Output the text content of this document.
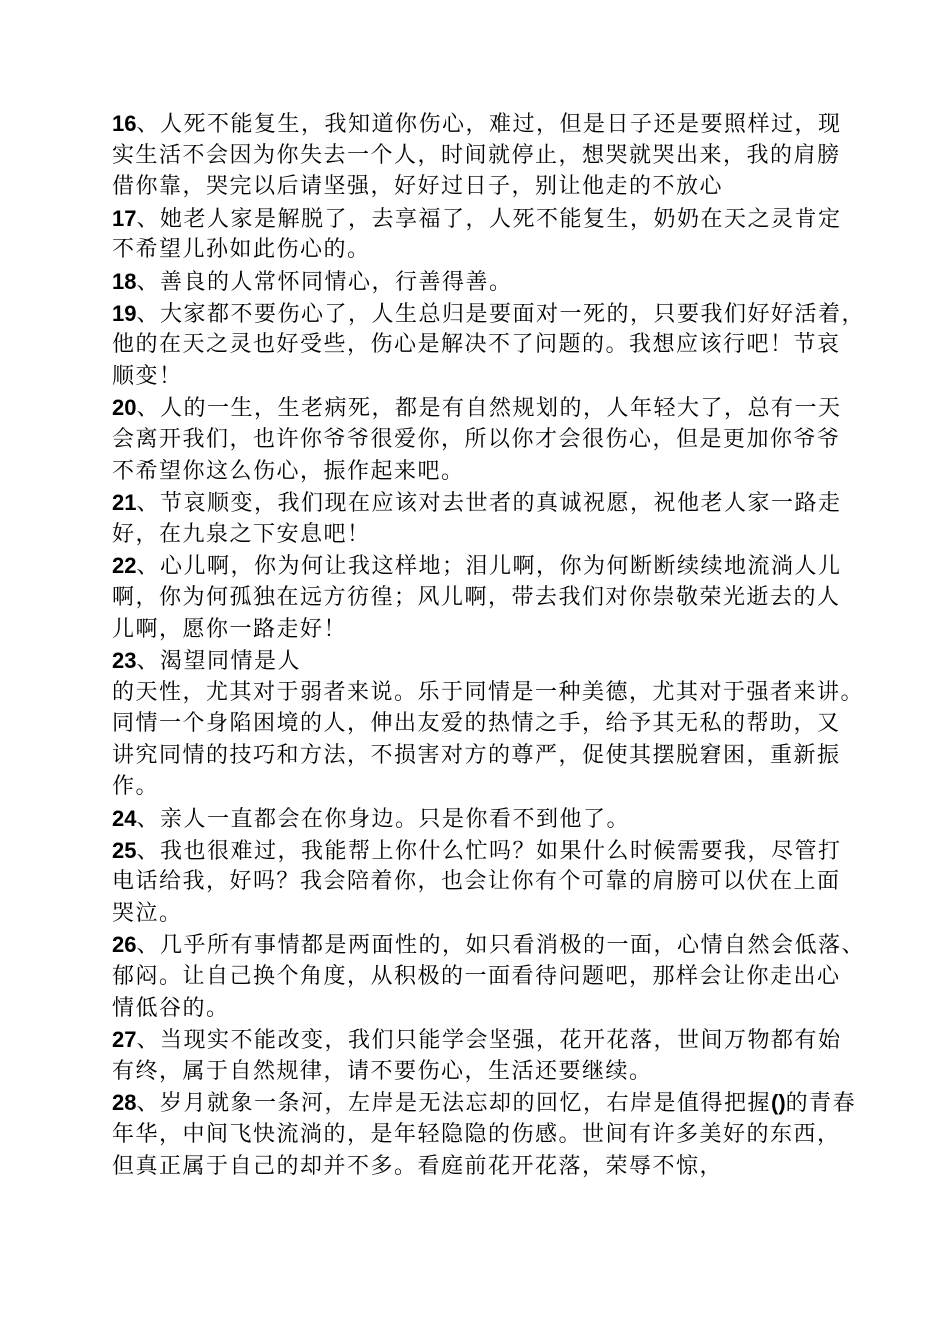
16、人死不能复生，我知道你伤心，难过，但是日子还是要照样过，现
实生活不会因为你失去一个人，时间就停止，想哭就哭出来，我的肩膀
借你靠，哭完以后请坚强，好好过日子，别让他走的不放心
17、她老人家是解脱了，去享福了，人死不能复生，奶奶在天之灵肯定
不希望儿孙如此伤心的。
18、善良的人常怀同情心，行善得善。
19、大家都不要伤心了，人生总归是要面对一死的，只要我们好好活着，
他的在天之灵也好受些，伤心是解决不了问题的。我想应该行吧！节哀
顺变！
20、人的一生，生老病死，都是有自然规划的，人年轻大了，总有一天
会离开我们，也许你爷爷很爱你，所以你才会很伤心，但是更加你爷爷
不希望你这么伤心，振作起来吧。
21、节哀顺变，我们现在应该对去世者的真诚祝愿，祝他老人家一路走
好，在九泉之下安息吧！
22、心儿啊，你为何让我这样地；泪儿啊，你为何断断续续地流淌人儿
啊，你为何孤独在远方彷徨；风儿啊，带去我们对你崇敬荣光逝去的人
儿啊，愿你一路走好！
23、渴望同情是人
的天性，尤其对于弱者来说。乐于同情是一种美德，尤其对于强者来讲。
同情一个身陷困境的人，伸出友爱的热情之手，给予其无私的帮助，又
讲究同情的技巧和方法，不损害对方的尊严，促使其摆脱窘困，重新振
作。
24、亲人一直都会在你身边。只是你看不到他了。
25、我也很难过，我能帮上你什么忙吗？如果什么时候需要我，尽管打
电话给我，好吗？我会陪着你，也会让你有个可靠的肩膀可以伏在上面
哭泣。
26、几乎所有事情都是两面性的，如只看消极的一面，心情自然会低落、
郁闷。让自己换个角度，从积极的一面看待问题吧，那样会让你走出心
情低谷的。
27、当现实不能改变，我们只能学会坚强，花开花落，世间万物都有始
有终，属于自然规律，请不要伤心，生活还要继续。
28、岁月就象一条河，左岸是无法忘却的回忆，右岸是值得把握()的青春
年华，中间飞快流淌的，是年轻隐隐的伤感。世间有许多美好的东西，
但真正属于自己的却并不多。看庭前花开花落，荣辱不惊，
